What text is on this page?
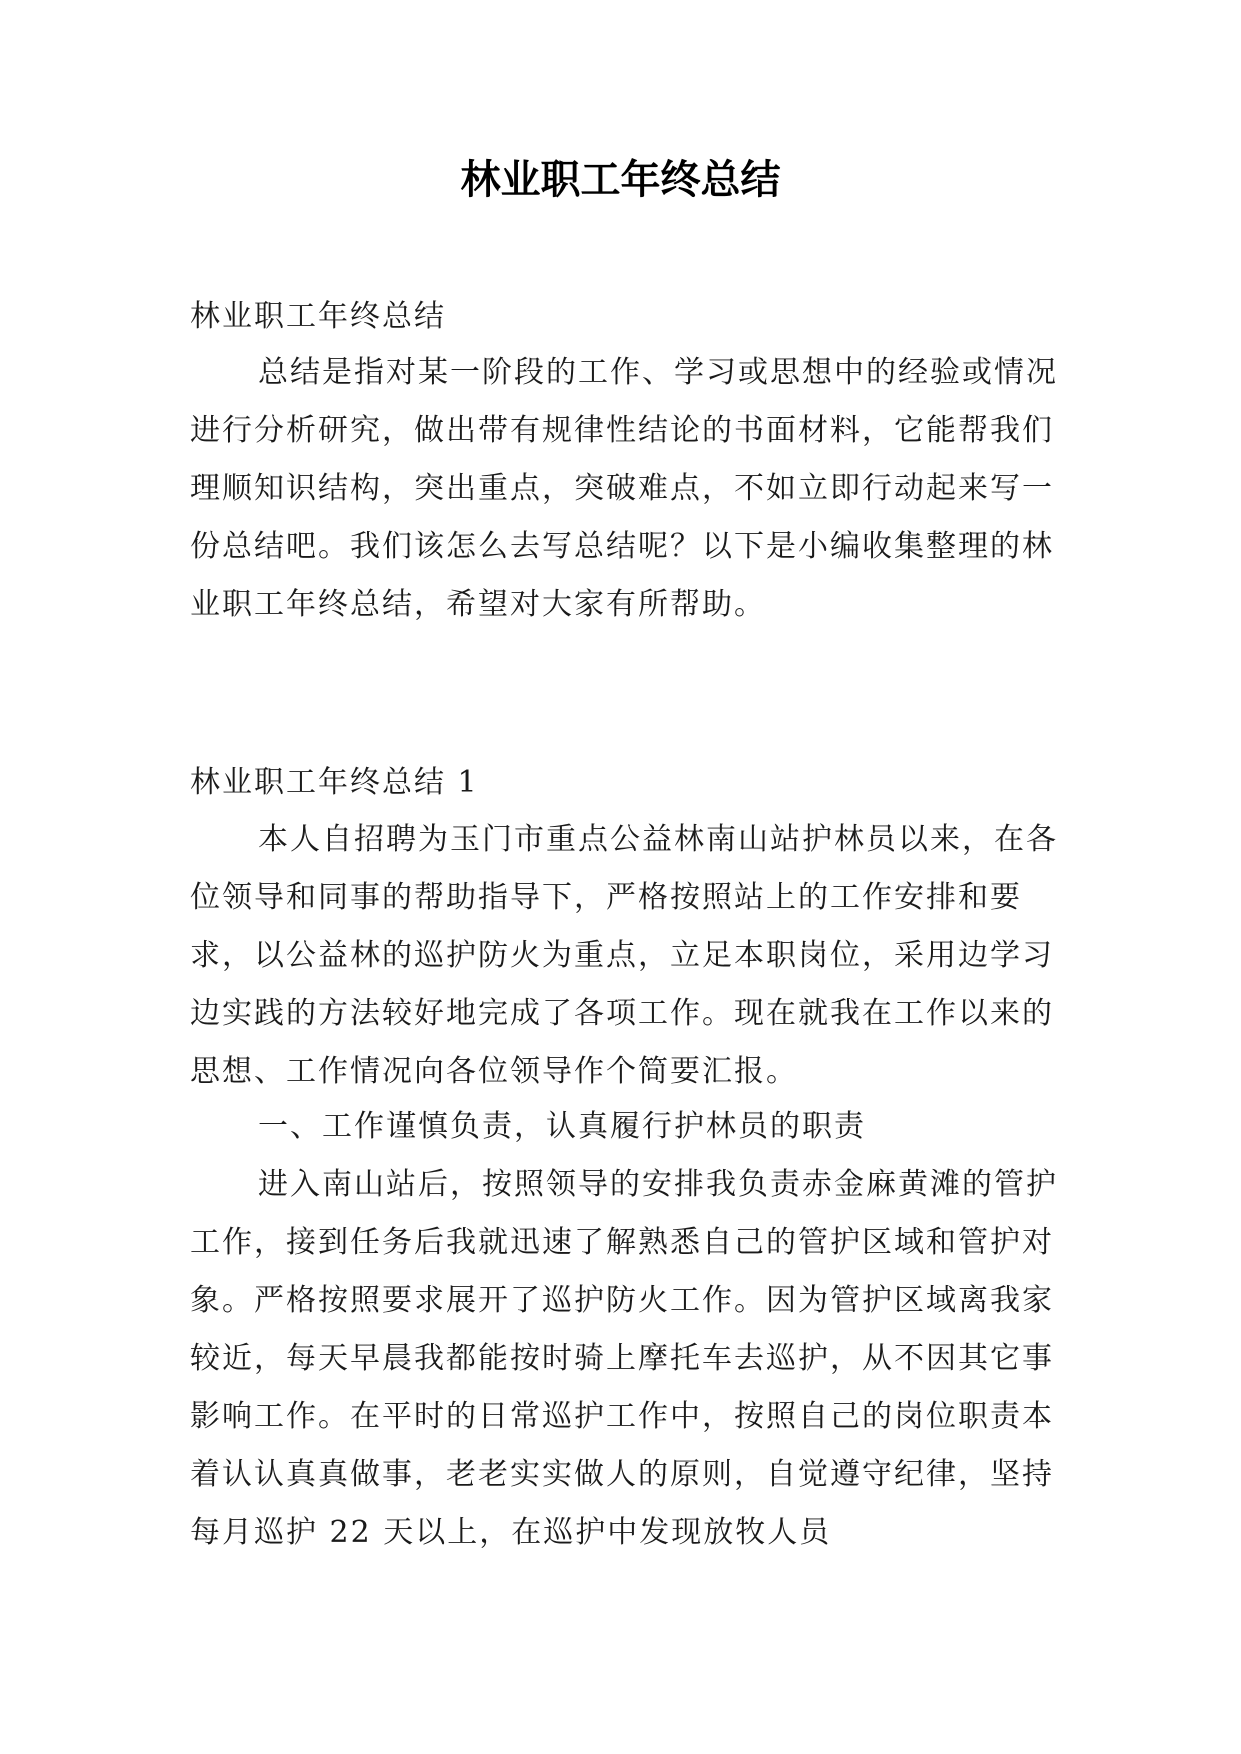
林业职工年终总结

林业职工年终总结

总结是指对某一阶段的工作、学习或思想中的经验或情况进行分析研究，做出带有规律性结论的书面材料，它能帮我们理顺知识结构，突出重点，突破难点，不如立即行动起来写一份总结吧。我们该怎么去写总结呢？以下是小编收集整理的林业职工年终总结，希望对大家有所帮助。

林业职工年终总结 1

本人自招聘为玉门市重点公益林南山站护林员以来，在各位领导和同事的帮助指导下，严格按照站上的工作安排和要求，以公益林的巡护防火为重点，立足本职岗位，采用边学习边实践的方法较好地完成了各项工作。现在就我在工作以来的思想、工作情况向各位领导作个简要汇报。

一、工作谨慎负责，认真履行护林员的职责

进入南山站后，按照领导的安排我负责赤金麻黄滩的管护工作，接到任务后我就迅速了解熟悉自己的管护区域和管护对象。严格按照要求展开了巡护防火工作。因为管护区域离我家较近，每天早晨我都能按时骑上摩托车去巡护，从不因其它事影响工作。在平时的日常巡护工作中，按照自己的岗位职责本着认认真真做事，老老实实做人的原则，自觉遵守纪律，坚持每月巡护 22 天以上，在巡护中发现放牧人员
